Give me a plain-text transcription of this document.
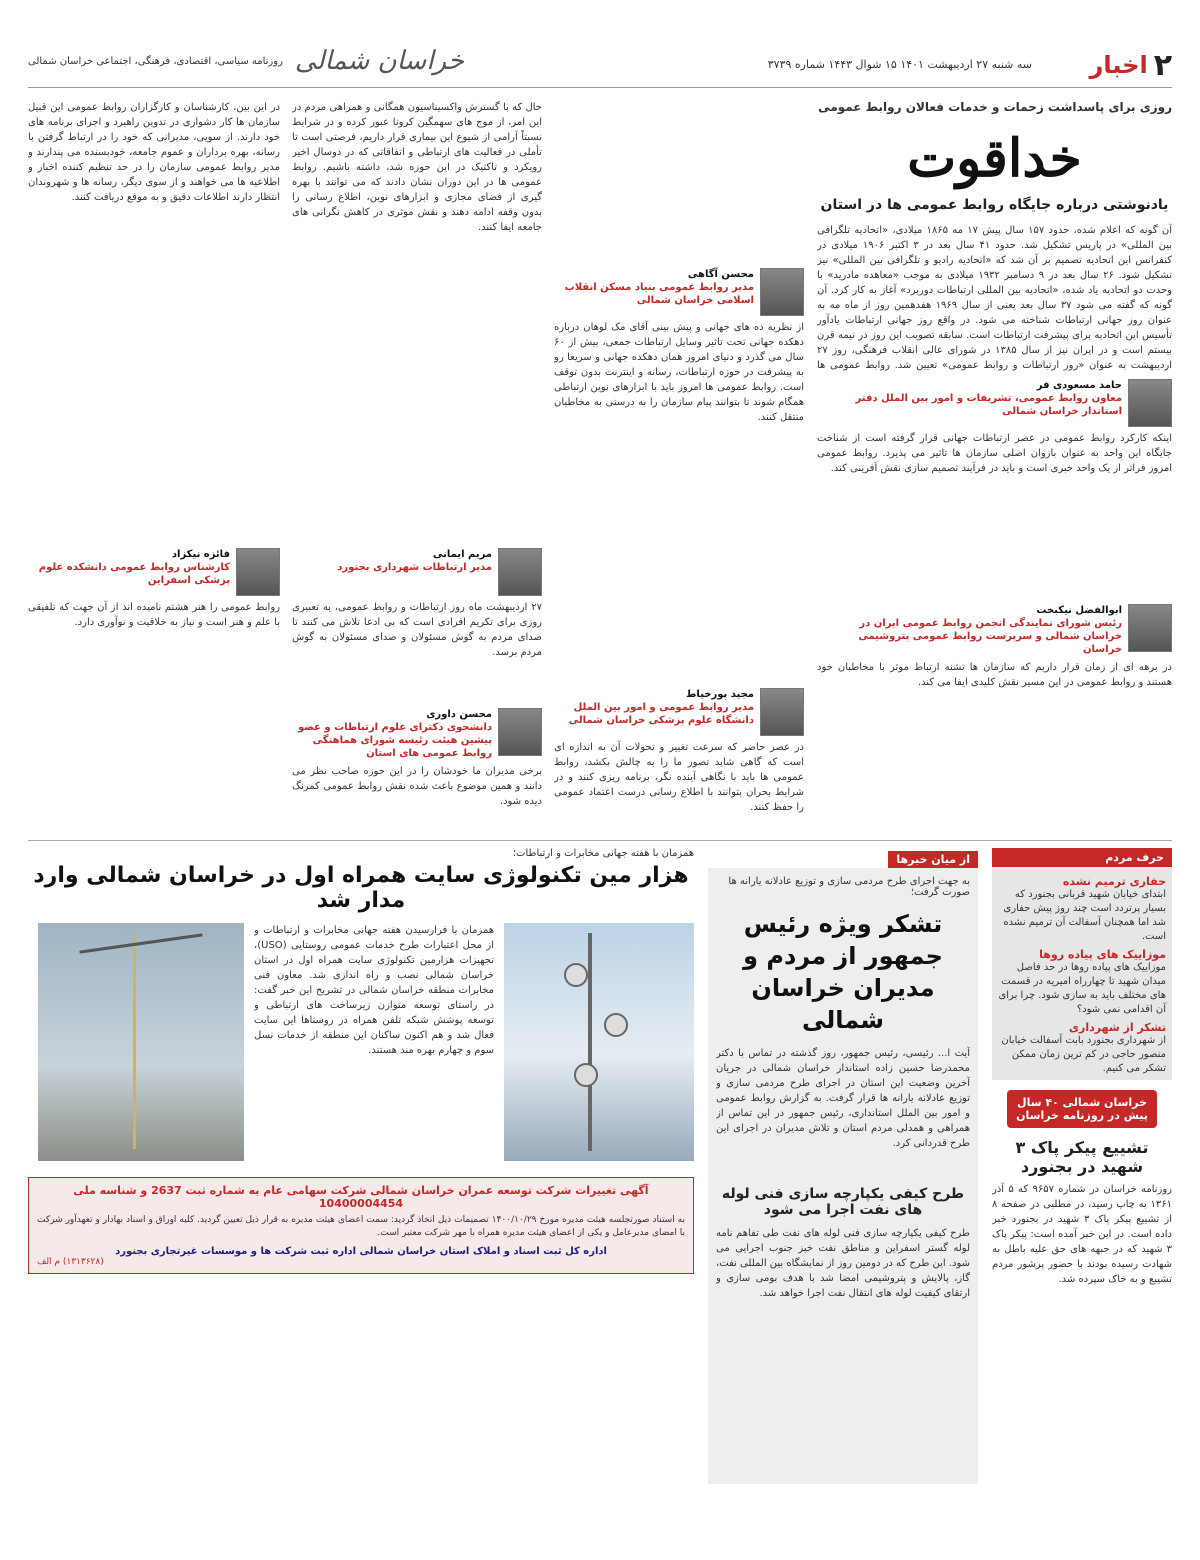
۲
اخبار
سه شنبه ۲۷ اردیبهشت ۱۴۰۱ ۱۵ شوال ۱۴۴۳ شماره ۳۷۳۹
خراسان شمالی
روزنامه سیاسی، اقتصادی، فرهنگی، اجتماعی خراسان شمالی
روزی برای پاسداشت زحمات و خدمات فعالان روابط عمومی
خداقوت
یادنوشتی درباره جایگاه روابط عمومی ها در استان
آن گونه که اعلام شده، حدود ۱۵۷ سال پیش ۱۷ مه ۱۸۶۵ میلادی، «اتحادیه تلگرافی بین المللی» در پاریس تشکیل شد. حدود ۴۱ سال بعد در ۳ اکتبر ۱۹۰۶ میلادی در کنفرانس این اتحادیه تصمیم بر آن شد که «اتحادیه رادیو و تلگرافی بین المللی» نیز تشکیل شود. ۲۶ سال بعد در ۹ دسامبر ۱۹۳۲ میلادی به موجب «معاهده مادرید» با وحدت دو اتحادیه یاد شده، «اتحادیه بین المللی ارتباطات دوربرد» آغاز به کار کرد. آن گونه که گفته می شود ۳۷ سال بعد یعنی از سال ۱۹۶۹ هفدهمین روز از ماه مه به عنوان روز جهانی ارتباطات شناخته می شود. در واقع روز جهانی ارتباطات یادآور تأسیس این اتحادیه برای پیشرفت ارتباطات است. سابقه تصویب این روز در نیمه قرن بیستم است و در ایران نیز از سال ۱۳۸۵ در شورای عالی انقلاب فرهنگی، روز ۲۷ اردیبهشت به عنوان «روز ارتباطات و روابط عمومی» تعیین شد. روابط عمومی ها
حامد مسعودی فر
معاون روابط عمومی، تشریفات و امور بین الملل دفتر استاندار خراسان شمالی
اینکه کارکرد روابط عمومی در عصر ارتباطات جهانی قرار گرفته است از شناخت جایگاه این واحد به عنوان بازوان اصلی سازمان ها تاثیر می پذیرد. روابط عمومی امروز فراتر از یک واحد خبری است و باید در فرآیند تصمیم سازی نقش آفرینی کند.
ابوالفضل نیکبخت
رئیس شورای نمایندگی انجمن روابط عمومی ایران در خراسان شمالی و سرپرست روابط عمومی پتروشیمی خراسان
در برهه ای از زمان قرار داریم که سازمان ها تشنه ارتباط موثر با مخاطبان خود هستند و روابط عمومی در این مسیر نقش کلیدی ایفا می کند.
محسن آگاهی
مدیر روابط عمومی بنیاد مسکن انقلاب اسلامی خراسان شمالی
از نظریه ده های جهانی و پیش بینی آقای مک لوهان درباره دهکده جهانی تحت تاثیر وسایل ارتباطات جمعی، بیش از ۶۰ سال می گذرد و دنیای امروز همان دهکده جهانی و سریعا رو به پیشرفت در حوزه ارتباطات، رسانه و اینترنت بدون توقف است. روابط عمومی ها امروز باید با ابزارهای نوین ارتباطی همگام شوند تا بتوانند پیام سازمان را به درستی به مخاطبان منتقل کنند.
مجید پورخیاط
مدیر روابط عمومی و امور بین الملل دانشگاه علوم پزشکی خراسان شمالی
در عصر حاضر که سرعت تغییر و تحولات آن به اندازه ای است که گاهی شاید تصور ما را به چالش بکشد، روابط عمومی ها باید با نگاهی آینده نگر، برنامه ریزی کنند و در شرایط بحران بتوانند با اطلاع رسانی درست اعتماد عمومی را حفظ کنند.
حال که با گسترش واکسیناسیون همگانی و همراهی مردم در این امر، از موج های سهمگین کرونا عبور کرده و در شرایط نسبتاً آرامی از شیوع این بیماری قرار داریم، فرصتی است تا تأملی در فعالیت های ارتباطی و اتفاقاتی که در دوسال اخیر رویکرد و تاکتیک در این حوزه شد، داشته باشیم. روابط عمومی ها در این دوران نشان دادند که می توانند با بهره گیری از فضای مجازی و ابزارهای نوین، اطلاع رسانی را بدون وقفه ادامه دهند و نقش موثری در کاهش نگرانی های جامعه ایفا کنند.
مریم ایمانی
مدیر ارتباطات شهرداری بجنورد
۲۷ اردیبهشت ماه روز ارتباطات و روابط عمومی، به تعبیری روزی برای تکریم افرادی است که بی ادعا تلاش می کنند تا صدای مردم به گوش مسئولان و صدای مسئولان به گوش مردم برسد.
محسن داوری
دانشجوی دکترای علوم ارتباطات و عضو پیشین هیئت رئیسه شورای هماهنگی روابط عمومی های استان
برخی مدیران ما خودشان را در این حوزه صاحب نظر می دانند و همین موضوع باعث شده نقش روابط عمومی کمرنگ دیده شود.
در این بین، کارشناسان و کارگزاران روابط عمومی این قبیل سازمان ها کار دشواری در تدوین راهبرد و اجرای برنامه های خود دارند. از سویی، مدیرانی که خود را در ارتباط گرفتن با رسانه، بهره برداران و عموم جامعه، خودبسنده می پندارند و مدیر روابط عمومی سازمان را در حد تنظیم کننده اخبار و اطلاعیه ها می خواهند و از سوی دیگر، رسانه ها و شهروندان انتظار دارند اطلاعات دقیق و به موقع دریافت کنند.
فائزه نیکزاد
کارشناس روابط عمومی دانشکده علوم پزشکی اسفراین
روابط عمومی را هنر هشتم نامیده اند از آن جهت که تلفیقی با علم و هنر است و نیاز به خلاقیت و نوآوری دارد.
حرف مردم
حفاری ترمیم نشده
ابتدای خیابان شهید قربانی بجنورد که بسیار پرتردد است چند روز پیش حفاری شد اما همچنان آسفالت آن ترمیم نشده است.
موزاییک های پیاده روها
موزاییک های پیاده روها در حد فاصل میدان شهید تا چهارراه امیریه در قسمت های مختلف باید به سازی شود. چرا برای آن اقدامی نمی شود؟
تشکر از شهرداری
از شهرداری بجنورد بابت آسفالت خیابان منصور حاجی در کم ترین زمان ممکن تشکر می کنیم.
خراسان شمالی ۴۰ سال پیش در روزنامه خراسان
تشییع پیکر پاک ۳ شهید در بجنورد
روزنامه خراسان در شماره ۹۶۵۷ که ۵ آذر ۱۳۶۱ به چاپ رسید، در مطلبی در صفحه ۸ از تشییع پیکر پاک ۳ شهید در بجنورد خبر داده است. در این خبر آمده است: پیکر پاک ۳ شهید که در جبهه های حق علیه باطل به شهادت رسیده بودند با حضور پرشور مردم تشییع و به خاک سپرده شد.
از میان خبرها
به جهت اجرای طرح مردمی سازی و توزیع عادلانه یارانه ها صورت گرفت؛
تشکر ویژه رئیس جمهور از مردم و مدیران خراسان شمالی
آیت ا... رئیسی، رئیس جمهور، روز گذشته در تماس با دکتر محمدرضا حسین زاده استاندار خراسان شمالی در جریان آخرین وضعیت این استان در اجرای طرح مردمی سازی و توزیع عادلانه یارانه ها قرار گرفت. به گزارش روابط عمومی و امور بین الملل استانداری، رئیس جمهور در این تماس از همراهی و همدلی مردم استان و تلاش مدیران در اجرای این طرح قدردانی کرد.
طرح کیفی یکپارچه سازی فنی لوله های نفت اجرا می شود
طرح کیفی یکپارچه سازی فنی لوله های نفت طی تفاهم نامه لوله گستر اسفراین و مناطق نفت خیز جنوب اجرایی می شود. این طرح که در دومین روز از نمایشگاه بین المللی نفت، گاز، پالایش و پتروشیمی امضا شد با هدف بومی سازی و ارتقای کیفیت لوله های انتقال نفت اجرا خواهد شد.
همزمان با هفته جهانی مخابرات و ارتباطات؛
هزار مین تکنولوژی سایت همراه اول در خراسان شمالی وارد مدار شد
همزمان با فرارسیدن هفته جهانی مخابرات و ارتباطات و از محل اعتبارات طرح خدمات عمومی روستایی (USO)، تجهیزات هزارمین تکنولوژی سایت همراه اول در استان خراسان شمالی نصب و راه اندازی شد. معاون فنی مخابرات منطقه خراسان شمالی در تشریح این خبر گفت: در راستای توسعه متوازن زیرساخت های ارتباطی و توسعه پوشش شبکه تلفن همراه در روستاها این سایت فعال شد و هم اکنون ساکنان این منطقه از خدمات نسل سوم و چهارم بهره مند هستند.
آگهی تغییرات شرکت توسعه عمران خراسان شمالی شرکت سهامی عام به شماره ثبت 2637 و شناسه ملی 10400004454
به استناد صورتجلسه هیئت مدیره مورخ ۱۴۰۰/۱۰/۲۹ تصمیمات ذیل اتخاذ گردید: سمت اعضای هیئت مدیره به قرار ذیل تعیین گردید. کلیه اوراق و اسناد بهادار و تعهدآور شرکت با امضای مدیرعامل و یکی از اعضای هیئت مدیره همراه با مهر شرکت معتبر است.
اداره کل ثبت اسناد و املاک استان خراسان شمالی اداره ثبت شرکت ها و موسسات غیرتجاری بجنورد
(۱۳۱۳۶۲۸) م الف
